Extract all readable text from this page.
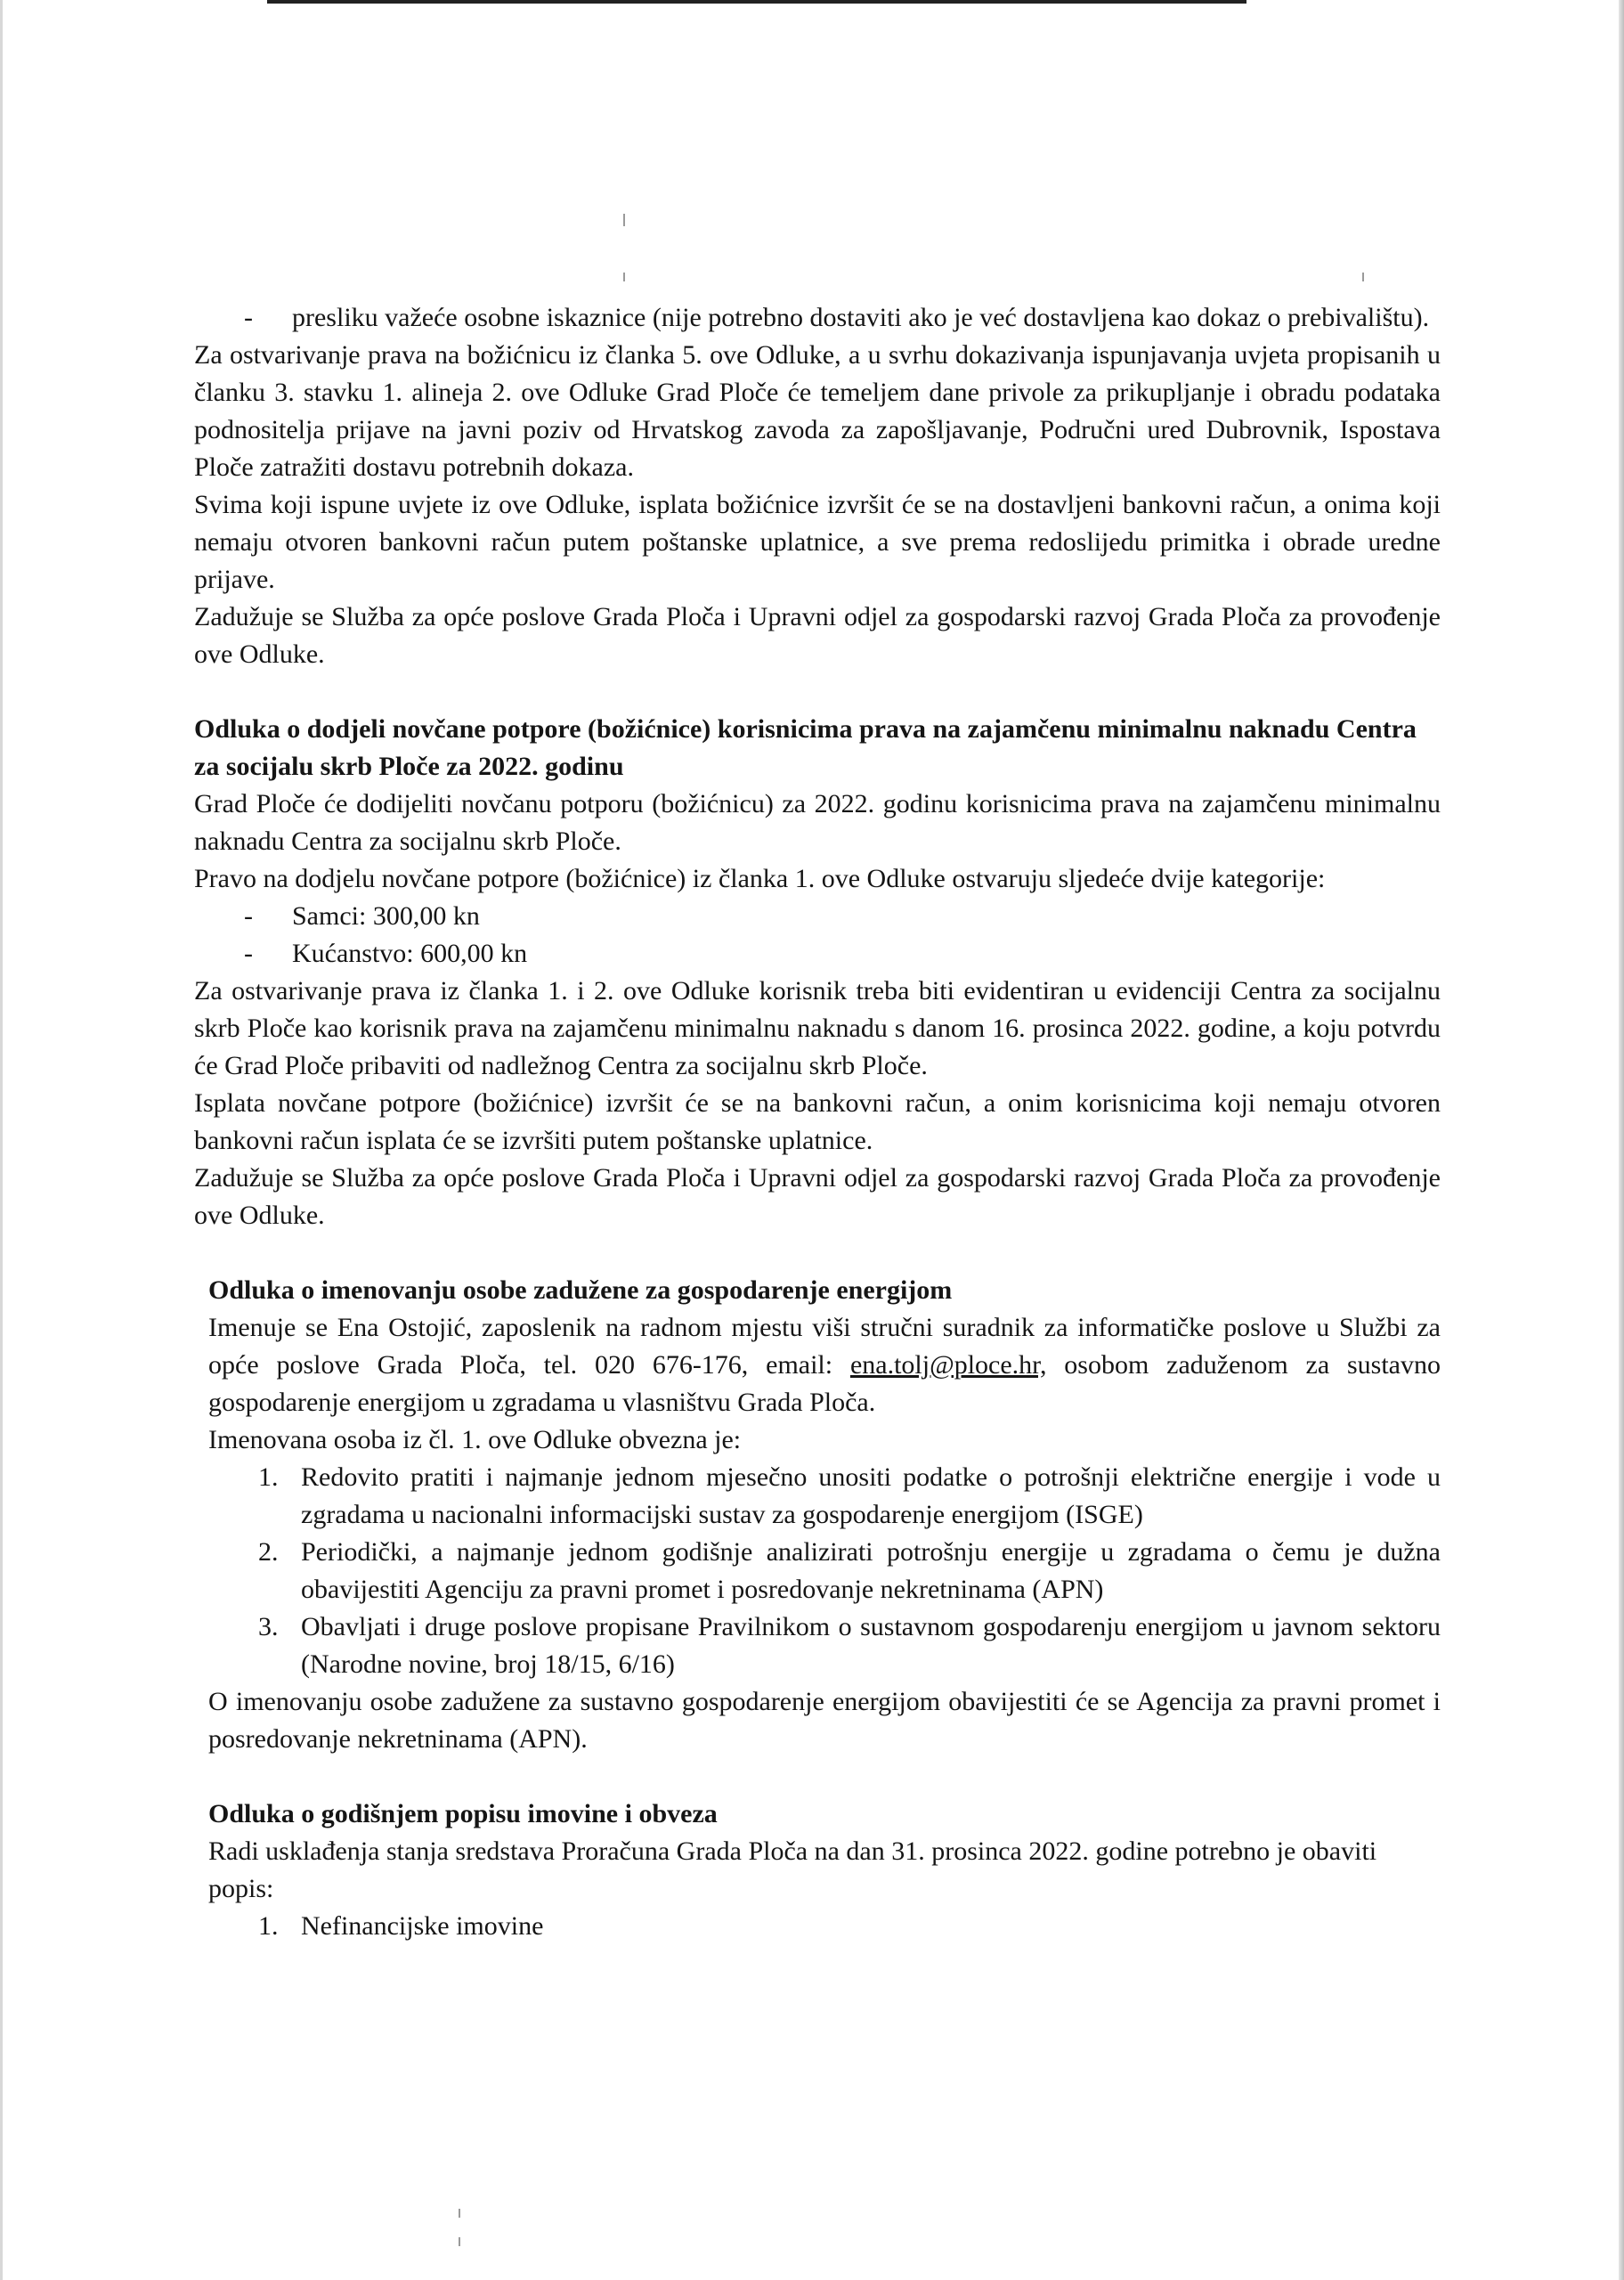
- presliku važeće osobne iskaznice (nije potrebno dostaviti ako je već dostavljena kao dokaz o prebivalištu).

Za ostvarivanje prava na božićnicu iz članka 5. ove Odluke, a u svrhu dokazivanja ispunjavanja uvjeta propisanih u članku 3. stavku 1. alineja 2. ove Odluke Grad Ploče će temeljem dane privole za prikupljanje i obradu podataka podnositelja prijave na javni poziv od Hrvatskog zavoda za zapošljavanje, Područni ured Dubrovnik, Ispostava Ploče zatražiti dostavu potrebnih dokaza.

Svima koji ispune uvjete iz ove Odluke, isplata božićnice izvršit će se na dostavljeni bankovni račun, a onima koji nemaju otvoren bankovni račun putem poštanske uplatnice, a sve prema redoslijedu primitka i obrade uredne prijave.

Zadužuje se Služba za opće poslove Grada Ploča i Upravni odjel za gospodarski razvoj Grada Ploča za provođenje ove Odluke.

Odluka o dodjeli novčane potpore (božićnice) korisnicima prava na zajamčenu minimalnu naknadu Centra za socijalu skrb Ploče za 2022. godinu

Grad Ploče će dodijeliti novčanu potporu (božićnicu) za 2022. godinu korisnicima prava na zajamčenu minimalnu naknadu Centra za socijalnu skrb Ploče.

Pravo na dodjelu novčane potpore (božićnice) iz članka 1. ove Odluke ostvaruju sljedeće dvije kategorije:

- Samci: 300,00 kn

- Kućanstvo: 600,00 kn

Za ostvarivanje prava iz članka 1. i 2. ove Odluke korisnik treba biti evidentiran u evidenciji Centra za socijalnu skrb Ploče kao korisnik prava na zajamčenu minimalnu naknadu s danom 16. prosinca 2022. godine, a koju potvrdu će Grad Ploče pribaviti od nadležnog Centra za socijalnu skrb Ploče.

Isplata novčane potpore (božićnice) izvršit će se na bankovni račun, a onim korisnicima koji nemaju otvoren bankovni račun isplata će se izvršiti putem poštanske uplatnice.

Zadužuje se Služba za opće poslove Grada Ploča i Upravni odjel za gospodarski razvoj Grada Ploča za provođenje ove Odluke.

Odluka o imenovanju osobe zadužene za gospodarenje energijom

Imenuje se Ena Ostojić, zaposlenik na radnom mjestu viši stručni suradnik za informatičke poslove u Službi za opće poslove Grada Ploča, tel. 020 676-176, email: ena.tolj@ploce.hr, osobom zaduženom za sustavno gospodarenje energijom u zgradama u vlasništvu Grada Ploča.

Imenovana osoba iz čl. 1. ove Odluke obvezna je:

1. Redovito pratiti i najmanje jednom mjesečno unositi podatke o potrošnji električne energije i vode u zgradama u nacionalni informacijski sustav za gospodarenje energijom (ISGE)

2. Periodički, a najmanje jednom godišnje analizirati potrošnju energije u zgradama o čemu je dužna obavijestiti Agenciju za pravni promet i posredovanje nekretninama (APN)

3. Obavljati i druge poslove propisane Pravilnikom o sustavnom gospodarenju energijom u javnom sektoru (Narodne novine, broj 18/15, 6/16)

O imenovanju osobe zadužene za sustavno gospodarenje energijom obavijestiti će se Agencija za pravni promet i posredovanje nekretninama (APN).

Odluka o godišnjem popisu imovine i obveza

Radi usklađenja stanja sredstava Proračuna Grada Ploča na dan 31. prosinca 2022. godine potrebno je obaviti popis:

1. Nefinancijske imovine
